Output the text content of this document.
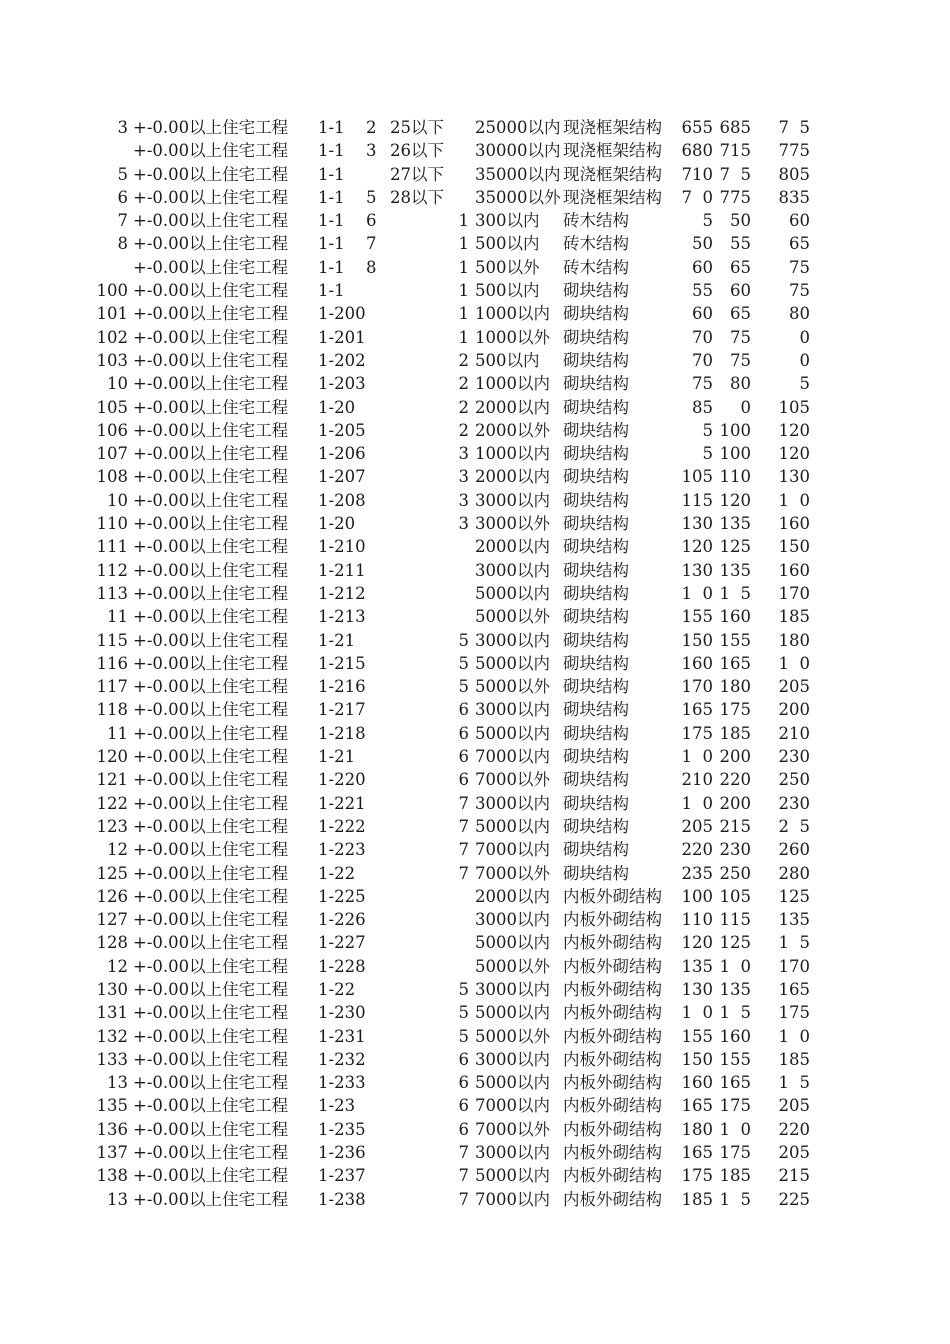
3 +-0.00以上住宅工程 1-1 2 25以下 25000以内 现浇框架结构	655 685	7  5
+-0.00以上住宅工程 1-1 3 26以下 30000以内 现浇框架结构	680 715	775
5 +-0.00以上住宅工程 1-1	27以下 35000以内 现浇框架结构	710 7  5	805
6 +-0.00以上住宅工程 1-1 5 28以下 35000以外 现浇框架结构	7  0 775	835
7 +-0.00以上住宅工程 1-1 6	1 300以内 砖木结构	5	50	60
8 +-0.00以上住宅工程 1-1 7	1 500以内 砖木结构	50	55	65
+-0.00以上住宅工程 1-1 8	1 500以外 砖木结构	60	65	75
100 +-0.00以上住宅工程 1-1	1 500以内 砌块结构	55	60	75
101 +-0.00以上住宅工程 1-200	1 1000以内 砌块结构	60	65	80
102 +-0.00以上住宅工程 1-201	1 1000以外 砌块结构	70	75	0
103 +-0.00以上住宅工程 1-202	2 500以内 砌块结构	70	75	0
10 +-0.00以上住宅工程 1-203	2 1000以内 砌块结构	75	80	5
105 +-0.00以上住宅工程 1-20	2 2000以内 砌块结构	85	0	105
106 +-0.00以上住宅工程 1-205	2 2000以外 砌块结构	5 100	120
107 +-0.00以上住宅工程 1-206	3 1000以内 砌块结构	5 100	120
108 +-0.00以上住宅工程 1-207	3 2000以内 砌块结构	105 110	130
10 +-0.00以上住宅工程 1-208	3 3000以内 砌块结构	115 120	1  0
110 +-0.00以上住宅工程 1-20	3 3000以外 砌块结构	130 135	160
111 +-0.00以上住宅工程 1-210	2000以内 砌块结构	120 125	150
112 +-0.00以上住宅工程 1-211	3000以内 砌块结构	130 135	160
113 +-0.00以上住宅工程 1-212	5000以内 砌块结构	1  0 1  5	170
11 +-0.00以上住宅工程 1-213	5000以外 砌块结构	155 160	185
115 +-0.00以上住宅工程 1-21	5 3000以内 砌块结构	150 155	180
116 +-0.00以上住宅工程 1-215	5 5000以内 砌块结构	160 165	1  0
117 +-0.00以上住宅工程 1-216	5 5000以外 砌块结构	170 180	205
118 +-0.00以上住宅工程 1-217	6 3000以内 砌块结构	165 175	200
11 +-0.00以上住宅工程 1-218	6 5000以内 砌块结构	175 185	210
120 +-0.00以上住宅工程 1-21	6 7000以内 砌块结构	1  0 200	230
121 +-0.00以上住宅工程 1-220	6 7000以外 砌块结构	210 220	250
122 +-0.00以上住宅工程 1-221	7 3000以内 砌块结构	1  0 200	230
123 +-0.00以上住宅工程 1-222	7 5000以内 砌块结构	205 215	2  5
12 +-0.00以上住宅工程 1-223	7 7000以内 砌块结构	220 230	260
125 +-0.00以上住宅工程 1-22	7 7000以外 砌块结构	235 250	280
126 +-0.00以上住宅工程 1-225	2000以内 内板外砌结构	100 105	125
127 +-0.00以上住宅工程 1-226	3000以内 内板外砌结构	110 115	135
128 +-0.00以上住宅工程 1-227	5000以内 内板外砌结构	120 125	1  5
12 +-0.00以上住宅工程 1-228	5000以外 内板外砌结构	135 1  0	170
130 +-0.00以上住宅工程 1-22	5 3000以内 内板外砌结构	130 135	165
131 +-0.00以上住宅工程 1-230	5 5000以内 内板外砌结构	1  0 1  5	175
132 +-0.00以上住宅工程 1-231	5 5000以外 内板外砌结构	155 160	1  0
133 +-0.00以上住宅工程 1-232	6 3000以内 内板外砌结构	150 155	185
13 +-0.00以上住宅工程 1-233	6 5000以内 内板外砌结构	160 165	1  5
135 +-0.00以上住宅工程 1-23	6 7000以内 内板外砌结构	165 175	205
136 +-0.00以上住宅工程 1-235	6 7000以外 内板外砌结构	180 1  0	220
137 +-0.00以上住宅工程 1-236	7 3000以内 内板外砌结构	165 175	205
138 +-0.00以上住宅工程 1-237	7 5000以内 内板外砌结构	175 185	215
13 +-0.00以上住宅工程 1-238	7 7000以内 内板外砌结构	185 1  5	225
